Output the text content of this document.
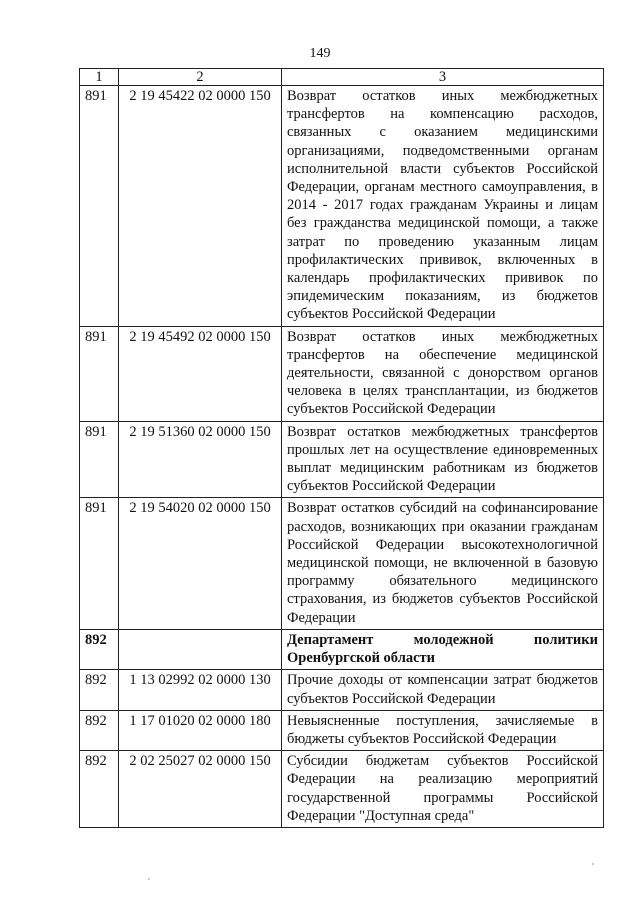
149
1	2	3
891	2 19 45422 02 0000 150	Возврат остатков иных межбюджетных трансфертов на компенсацию расходов, связанных с оказанием медицинскими организациями, подведомственными органам исполнительной власти субъектов Российской Федерации, органам местного самоуправления, в 2014 - 2017 годах гражданам Украины и лицам без гражданства медицинской помощи, а также затрат по проведению указанным лицам профилактических прививок, включенных в календарь профилактических прививок по эпидемическим показаниям, из бюджетов субъектов Российской Федерации
891	2 19 45492 02 0000 150	Возврат остатков иных межбюджетных трансфертов на обеспечение медицинской деятельности, связанной с донорством органов человека в целях трансплантации, из бюджетов субъектов Российской Федерации
891	2 19 51360 02 0000 150	Возврат остатков межбюджетных трансфертов прошлых лет на осуществление единовременных выплат медицинским работникам из бюджетов субъектов Российской Федерации
891	2 19 54020 02 0000 150	Возврат остатков субсидий на софинансирование расходов, возникающих при оказании гражданам Российской Федерации высокотехнологичной медицинской помощи, не включенной в базовую программу обязательного медицинского страхования, из бюджетов субъектов Российской Федерации
892		Департамент молодежной политики Оренбургской области
892	1 13 02992 02 0000 130	Прочие доходы от компенсации затрат бюджетов субъектов Российской Федерации
892	1 17 01020 02 0000 180	Невыясненные поступления, зачисляемые в бюджеты субъектов Российской Федерации
892	2 02 25027 02 0000 150	Субсидии бюджетам субъектов Российской Федерации на реализацию мероприятий государственной программы Российской Федерации "Доступная среда"
